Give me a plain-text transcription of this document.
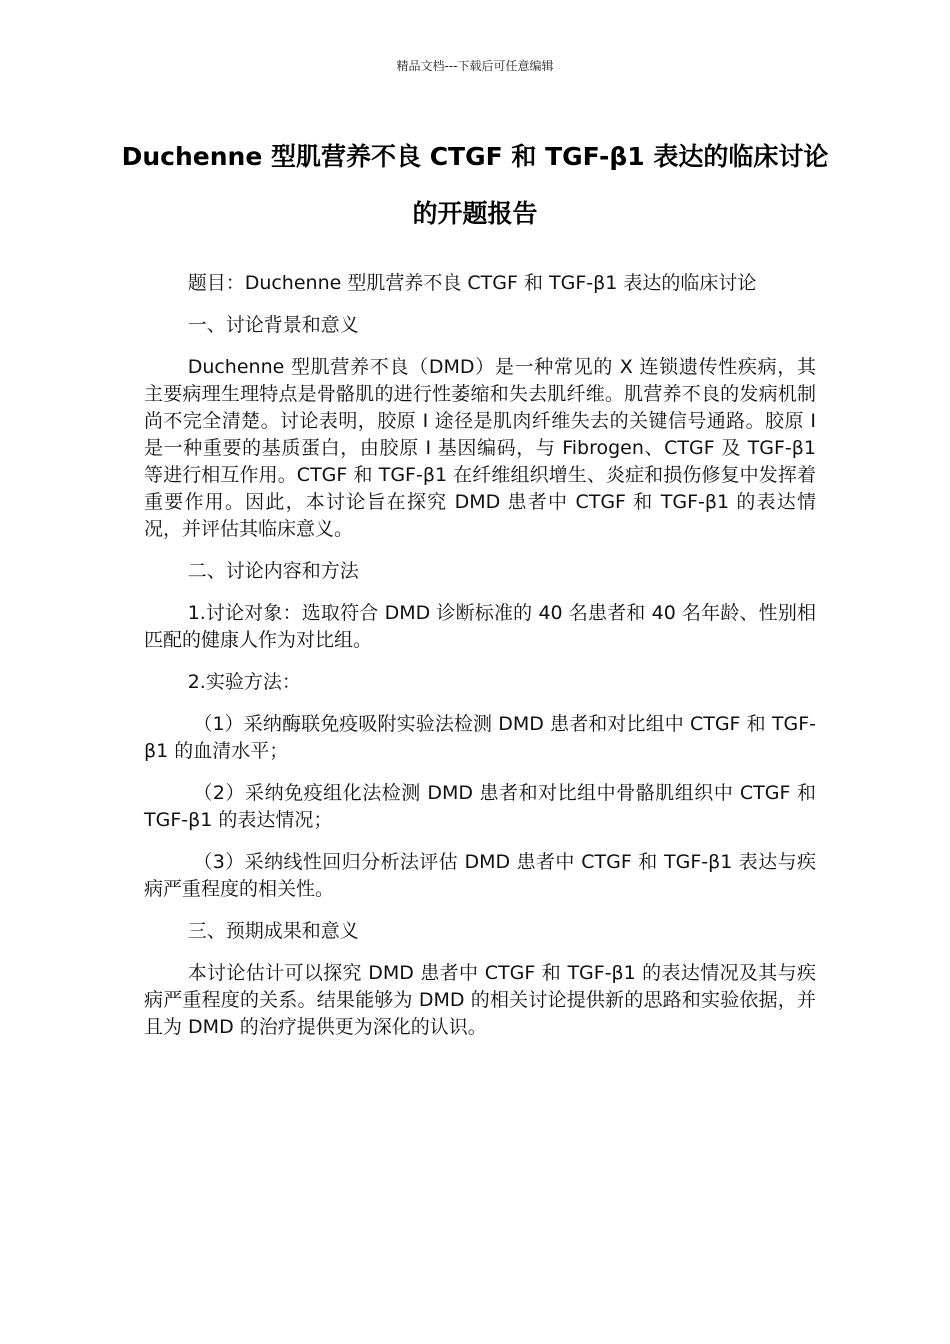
精品文档---下载后可任意编辑
Duchenne 型肌营养不良 CTGF 和 TGF-β1 表达的临床讨论的开题报告

题目：Duchenne 型肌营养不良 CTGF 和 TGF-β1 表达的临床讨论

一、讨论背景和意义

Duchenne 型肌营养不良（DMD）是一种常见的 X 连锁遗传性疾病，其主要病理生理特点是骨骼肌的进行性萎缩和失去肌纤维。肌营养不良的发病机制尚不完全清楚。讨论表明，胶原 I 途径是肌肉纤维失去的关键信号通路。胶原 I 是一种重要的基质蛋白，由胶原 I 基因编码，与 Fibrogen、CTGF 及 TGF-β1 等进行相互作用。CTGF 和 TGF-β1 在纤维组织增生、炎症和损伤修复中发挥着重要作用。因此，本讨论旨在探究 DMD 患者中 CTGF 和 TGF-β1 的表达情况，并评估其临床意义。

二、讨论内容和方法

1.讨论对象：选取符合 DMD 诊断标准的 40 名患者和 40 名年龄、性别相匹配的健康人作为对比组。

2.实验方法：

（1）采纳酶联免疫吸附实验法检测 DMD 患者和对比组中 CTGF 和 TGF-β1 的血清水平；

（2）采纳免疫组化法检测 DMD 患者和对比组中骨骼肌组织中 CTGF 和 TGF-β1 的表达情况；

（3）采纳线性回归分析法评估 DMD 患者中 CTGF 和 TGF-β1 表达与疾病严重程度的相关性。

三、预期成果和意义

本讨论估计可以探究 DMD 患者中 CTGF 和 TGF-β1 的表达情况及其与疾病严重程度的关系。结果能够为 DMD 的相关讨论提供新的思路和实验依据，并且为 DMD 的治疗提供更为深化的认识。
